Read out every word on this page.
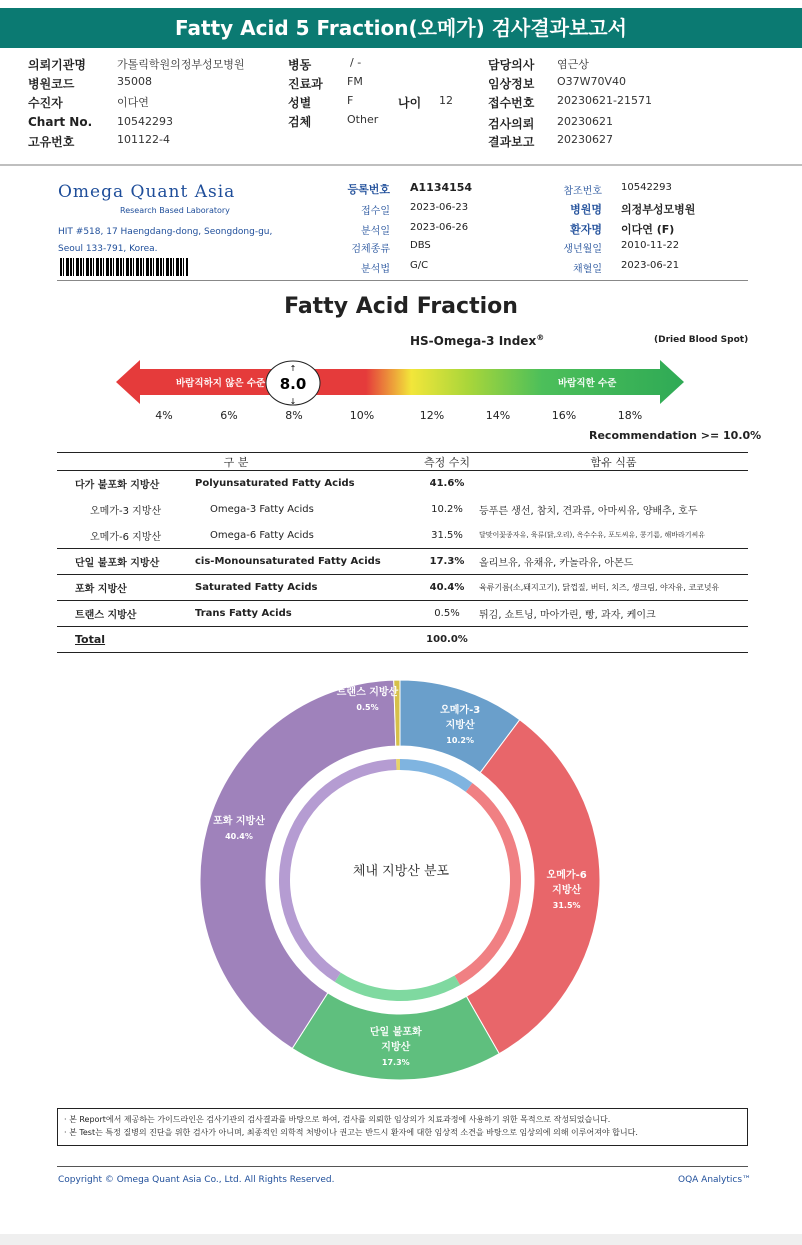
Fatty Acid 5 Fraction(오메가) 검사결과보고서
의뢰기관명	가톨릭학원의정부성모병원
병원코드	35008
수진자	이다연
Chart No. 10542293
고유번호	101122-4
병동	/ -
진료과 FM
성별	F	나이 12
검체	Other
담당의사 염근상
임상정보 O37W70V40
접수번호 20230621-21571
검사의뢰 20230621
결과보고 20230627
Omega Quant Asia
Research Based Laboratory
HIT #518, 17 Haengdang-dong, Seongdong-gu, Seoul 133-791, Korea.
등록번호 A1134154
접수일 2023-06-23
분석일 2023-06-26
검체종류 DBS
분석법 G/C
참조번호 10542293
병원명 의정부성모병원
환자명 이다연 (F)
생년월일 2010-11-22
채혈일 2023-06-21
Fatty Acid Fraction
HS-Omega-3 Index®	(Dried Blood Spot)
바람직하지 않은 수준	바람직한 수준
8.0
↑
↓
4%	6%	8%	10%	12%	14%	16%	18%
Recommendation >= 10.0%
구 분		측정 수치	함유 식품
다가 불포화 지방산	Polyunsaturated Fatty Acids	41.6%	
오메가-3 지방산	Omega-3 Fatty Acids	10.2%	등푸른 생선, 참치, 견과류, 아마씨유, 양배추, 호두
오메가-6 지방산	Omega-6 Fatty Acids	31.5%	달맞이꽃종자유, 육류(닭,오리), 옥수수유, 포도씨유, 콩기름, 해바라기씨유
단일 불포화 지방산	cis-Monounsaturated Fatty Acids	17.3%	올리브유, 유채유, 카놀라유, 아몬드
포화 지방산	Saturated Fatty Acids	40.4%	육류기름(소,돼지고기), 닭껍질, 버터, 치즈, 생크림, 야자유, 코코넛유
트랜스 지방산	Trans Fatty Acids	0.5%	튀김, 쇼트닝, 마아가린, 빵, 과자, 케이크
Total		100.0%	
체내 지방산 분포
오메가-3
지방산
10.2%
오메가-6
지방산
31.5%
단일 불포화
지방산
17.3%
포화 지방산
40.4%
트랜스 지방산
0.5%
· 본 Report에서 제공하는 가이드라인은 검사기관의 검사결과를 바탕으로 하여, 검사를 의뢰한 임상의가 치료과정에 사용하기 위한 목적으로 작성되었습니다.
· 본 Test는 특정 질병의 진단을 위한 검사가 아니며, 최종적인 의학적 처방이나 권고는 반드시 환자에 대한 임상적 소견을 바탕으로 임상의에 의해 이루어져야 합니다.
Copyright © Omega Quant Asia Co., Ltd. All Rights Reserved.	OQA Analytics™
